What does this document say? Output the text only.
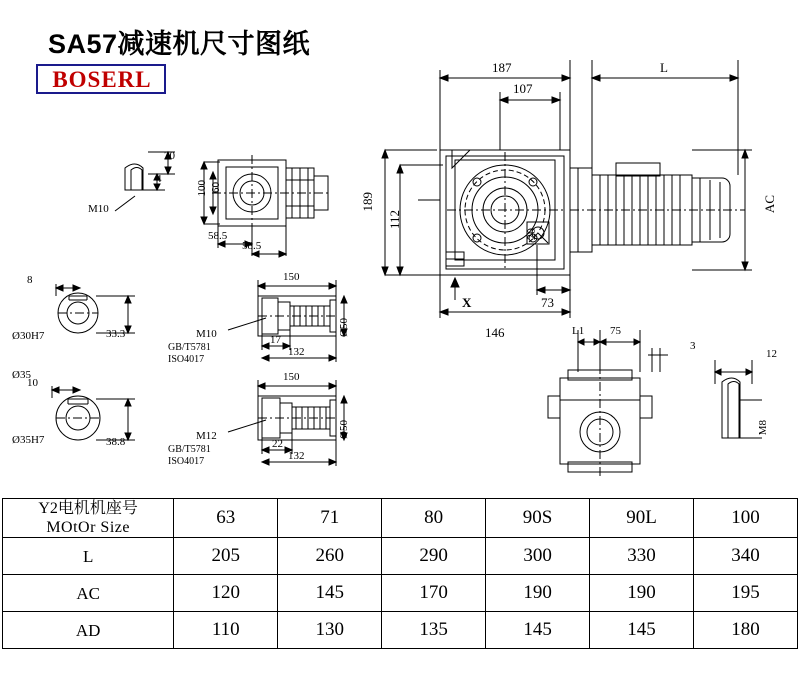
SA57减速机尺寸图纸
BOSERL	187	L
107
189
112
AC
146
73
20
X
20
4
M10
100 60
58.5
58.5
8
Ø30H7	33.3
Ø35
10
Ø35H7	38.8
150
17
132
Ø50
M10
GB/T5781
ISO4017
150
22
132
Ø50
M12
GB/T5781
ISO4017
L1 75
3
12
M8
Y2电机机座号
MOtOr Size	63	71	80	90S	90L	100
L	205	260	290	300	330	340
AC	120	145	170	190	190	195
AD	110	130	135	145	145	180
